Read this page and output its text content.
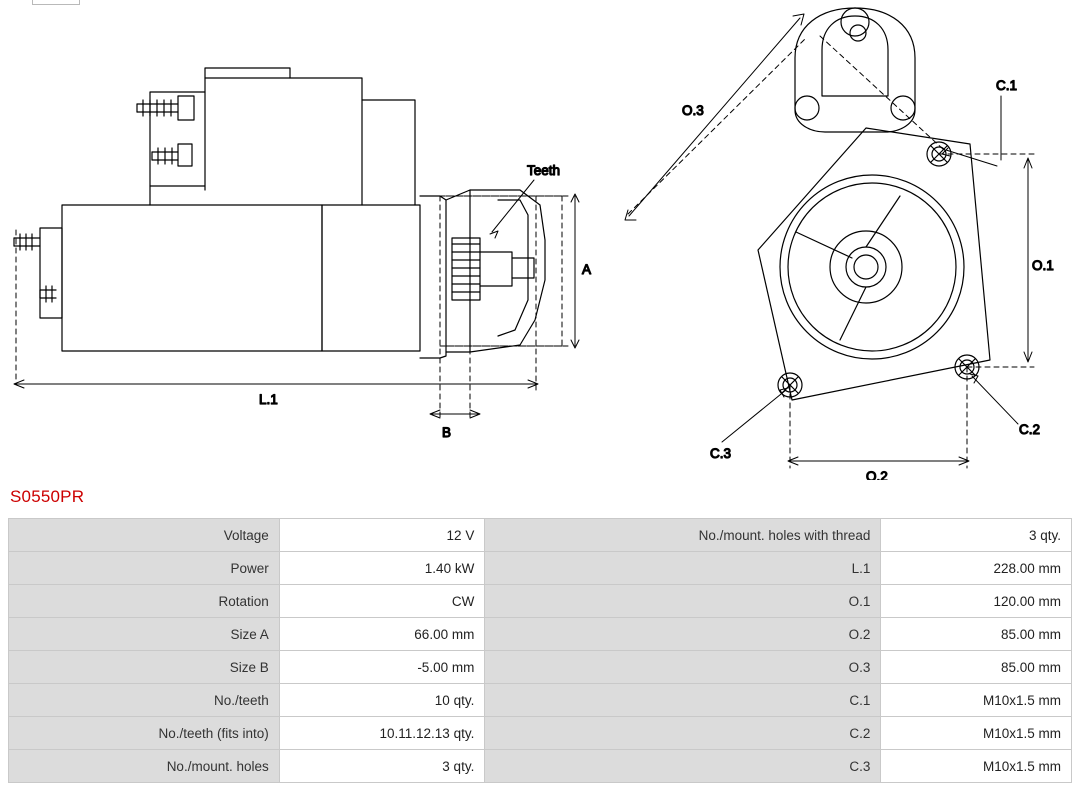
Teeth
A
L.1
B
O.1
O.2
O.3
C.1
C.2
C.3
S0550PR
Voltage	12 V	No./mount. holes with thread	3 qty.
Power	1.40 kW	L.1	228.00 mm
Rotation	CW	O.1	120.00 mm
Size A	66.00 mm	O.2	85.00 mm
Size B	-5.00 mm	O.3	85.00 mm
No./teeth	10 qty.	C.1	M10x1.5 mm
No./teeth (fits into)	10.11.12.13 qty.	C.2	M10x1.5 mm
No./mount. holes	3 qty.	C.3	M10x1.5 mm
